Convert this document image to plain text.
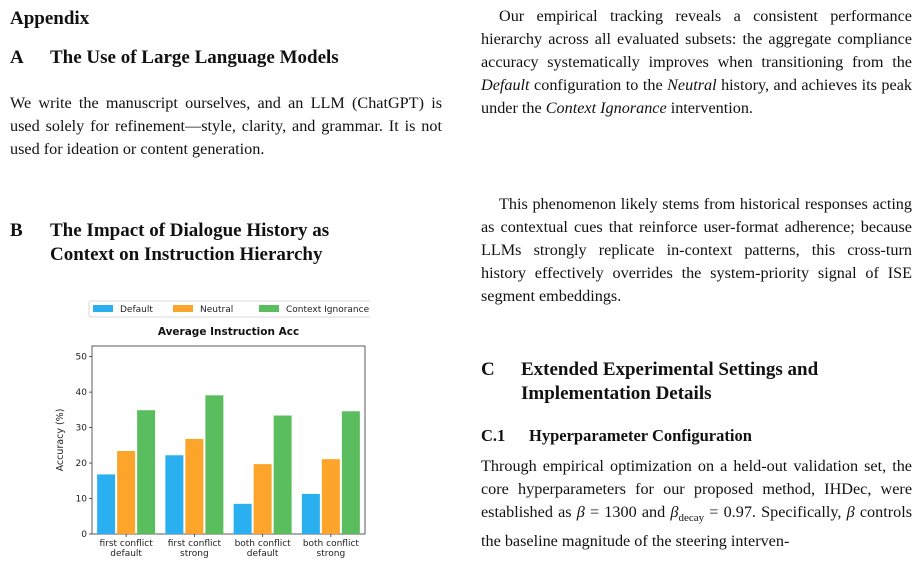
Appendix
A The Use of Large Language Models
We write the manuscript ourselves, and an LLM (ChatGPT) is used solely for refinement—style, clarity, and grammar. It is not used for ideation or content generation.
B The Impact of Dialogue History as
Context on Instruction Hierarchy
Default	Neutral	Context Ignorance
Average Instruction Acc
0
10
20
30
40
50
Accuracy (%)
first conflict
default
first conflict
strong
both conflict
default
both conflict
strong
Our empirical tracking reveals a consistent performance hierarchy across all evaluated subsets: the aggregate compliance accuracy systematically improves when transitioning from the Default configuration to the Neutral history, and achieves its peak under the Context Ignorance intervention.
This phenomenon likely stems from historical responses acting as contextual cues that reinforce user-format adherence; because LLMs strongly replicate in-context patterns, this cross-turn history effectively overrides the system-priority signal of ISE segment embeddings.
C Extended Experimental Settings and
Implementation Details
C.1 Hyperparameter Configuration
Through empirical optimization on a held-out validation set, the core hyperparameters for our proposed method, IHDec, were established as β = 1300 and $\beta_{decay} = 0.97$. Specifically, β controls the baseline magnitude of the steering interven-
